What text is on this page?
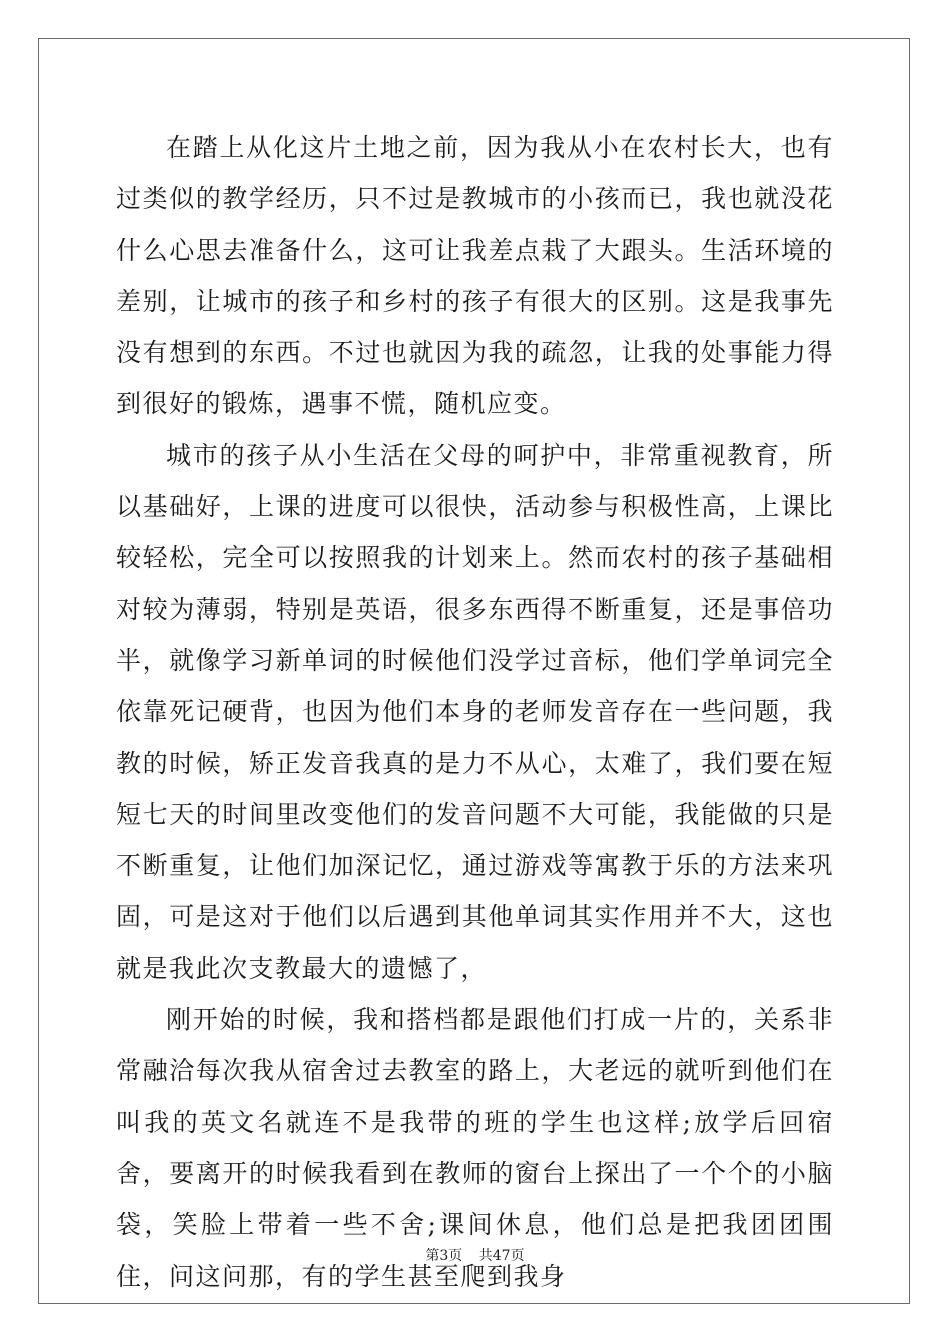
在踏上从化这片土地之前，因为我从小在农村长大，也有过类似的教学经历，只不过是教城市的小孩而已，我也就没花什么心思去准备什么，这可让我差点栽了大跟头。生活环境的差别，让城市的孩子和乡村的孩子有很大的区别。这是我事先没有想到的东西。不过也就因为我的疏忽，让我的处事能力得到很好的锻炼，遇事不慌，随机应变。

城市的孩子从小生活在父母的呵护中，非常重视教育，所以基础好，上课的进度可以很快，活动参与积极性高，上课比较轻松，完全可以按照我的计划来上。然而农村的孩子基础相对较为薄弱，特别是英语，很多东西得不断重复，还是事倍功半，就像学习新单词的时候他们没学过音标，他们学单词完全依靠死记硬背，也因为他们本身的老师发音存在一些问题，我教的时候，矫正发音我真的是力不从心，太难了，我们要在短短七天的时间里改变他们的发音问题不大可能，我能做的只是不断重复，让他们加深记忆，通过游戏等寓教于乐的方法来巩固，可是这对于他们以后遇到其他单词其实作用并不大，这也就是我此次支教最大的遗憾了，

刚开始的时候，我和搭档都是跟他们打成一片的，关系非常融洽每次我从宿舍过去教室的路上，大老远的就听到他们在叫我的英文名就连不是我带的班的学生也这样;放学后回宿舍，要离开的时候我看到在教师的窗台上探出了一个个的小脑袋，笑脸上带着一些不舍;课间休息，他们总是把我团团围住，问这问那，有的学生甚至爬到我身

第3页 共47页
